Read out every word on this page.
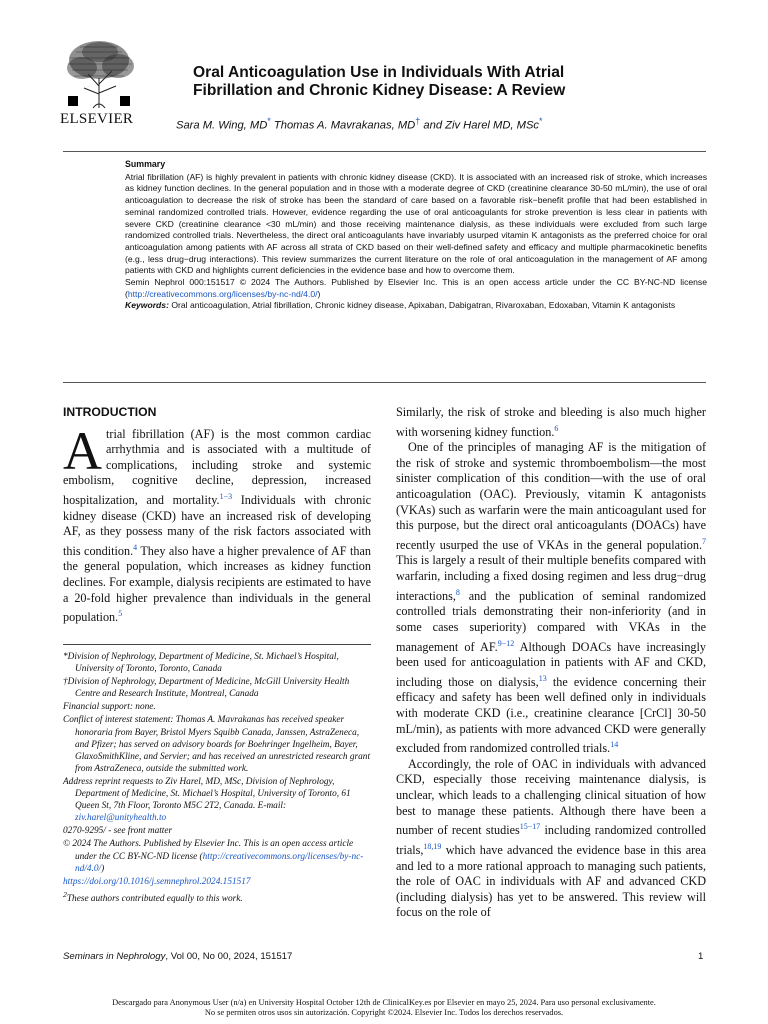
ELSEVIER
Oral Anticoagulation Use in Individuals With Atrial Fibrillation and Chronic Kidney Disease: A Review
Sara M. Wing, MD* Thomas A. Mavrakanas, MD† and Ziv Harel MD, MSc*
Summary
Atrial fibrillation (AF) is highly prevalent in patients with chronic kidney disease (CKD). It is associated with an increased risk of stroke, which increases as kidney function declines. In the general population and in those with a moderate degree of CKD (creatinine clearance 30-50 mL/min), the use of oral anticoagulation to decrease the risk of stroke has been the standard of care based on a favorable risk−benefit profile that had been established in seminal randomized controlled trials. However, evidence regarding the use of oral anticoagulants for stroke prevention is less clear in patients with severe CKD (creatinine clearance <30 mL/min) and those receiving maintenance dialysis, as these individuals were excluded from such large randomized controlled trials. Nevertheless, the direct oral anticoagulants have invariably usurped vitamin K antagonists as the preferred choice for oral anticoagulation among patients with AF across all strata of CKD based on their well-defined safety and efficacy and multiple pharmacokinetic benefits (e.g., less drug−drug interactions). This review summarizes the current literature on the role of oral anticoagulation in the management of AF among patients with CKD and highlights current deficiencies in the evidence base and how to overcome them.
Semin Nephrol 000:151517 © 2024 The Authors. Published by Elsevier Inc. This is an open access article under the CC BY-NC-ND license (http://creativecommons.org/licenses/by-nc-nd/4.0/)
Keywords: Oral anticoagulation, Atrial fibrillation, Chronic kidney disease, Apixaban, Dabigatran, Rivaroxaban, Edoxaban, Vitamin K antagonists
INTRODUCTION

Atrial fibrillation (AF) is the most common cardiac arrhythmia and is associated with a multitude of complications, including stroke and systemic embolism, cognitive decline, depression, increased hospitalization, and mortality.$^{1-3}$ Individuals with chronic kidney disease (CKD) have an increased risk of developing AF, as they possess many of the risk factors associated with this condition.$^4$ They also have a higher prevalence of AF than the general population, which increases as kidney function declines. For example, dialysis recipients are estimated to have a 20-fold higher prevalence than individuals in the general population.$^5$

*Division of Nephrology, Department of Medicine, St. Michael’s Hospital, University of Toronto, Toronto, Canada

†Division of Nephrology, Department of Medicine, McGill University Health Centre and Research Institute, Montreal, Canada

Financial support: none.

Conflict of interest statement: Thomas A. Mavrakanas has received speaker honoraria from Bayer, Bristol Myers Squibb Canada, Janssen, AstraZeneca, and Pfizer; has served on advisory boards for Boehringer Ingelheim, Bayer, GlaxoSmithKline, and Servier; and has received an unrestricted research grant from AstraZeneca, outside the submitted work.

Address reprint requests to Ziv Harel, MD, MSc, Division of Nephrology, Department of Medicine, St. Michael’s Hospital, University of Toronto, 61 Queen St, 7th Floor, Toronto M5C 2T2, Canada. E-mail: ziv.harel@unityhealth.to

0270-9295/ - see front matter

© 2024 The Authors. Published by Elsevier Inc. This is an open access article under the CC BY-NC-ND license (http://creativecommons.org/licenses/by-nc-nd/4.0/)

https://doi.org/10.1016/j.semnephrol.2024.151517

$^2$These authors contributed equally to this work.

Similarly, the risk of stroke and bleeding is also much higher with worsening kidney function.$^6$

One of the principles of managing AF is the mitigation of the risk of stroke and systemic thromboembolism—the most sinister complication of this condition—with the use of oral anticoagulation (OAC). Previously, vitamin K antagonists (VKAs) such as warfarin were the main anticoagulant used for this purpose, but the direct oral anticoagulants (DOACs) have recently usurped the use of VKAs in the general population.$^7$ This is largely a result of their multiple benefits compared with warfarin, including a fixed dosing regimen and less drug−drug interactions,$^8$ and the publication of seminal randomized controlled trials demonstrating their non-inferiority (and in some cases superiority) compared with VKAs in the management of AF.$^{9-12}$ Although DOACs have increasingly been used for anticoagulation in patients with AF and CKD, including those on dialysis,$^{13}$ the evidence concerning their efficacy and safety has been well defined only in individuals with moderate CKD (i.e., creatinine clearance [CrCl] 30-50 mL/min), as patients with more advanced CKD were generally excluded from randomized controlled trials.$^{14}$

Accordingly, the role of OAC in individuals with advanced CKD, especially those receiving maintenance dialysis, is unclear, which leads to a challenging clinical situation of how best to manage these patients. Although there have been a number of recent studies$^{15-17}$ including randomized controlled trials,$^{18,19}$ which have advanced the evidence base in this area and led to a more rational approach to managing such patients, the role of OAC in individuals with AF and advanced CKD (including dialysis) has yet to be answered. This review will focus on the role of

Seminars in Nephrology, Vol 00, No 00, 2024, 151517	1
Descargado para Anonymous User (n/a) en University Hospital October 12th de ClinicalKey.es por Elsevier en mayo 25, 2024. Para uso personal exclusivamente. No se permiten otros usos sin autorización. Copyright ©2024. Elsevier Inc. Todos los derechos reservados.
